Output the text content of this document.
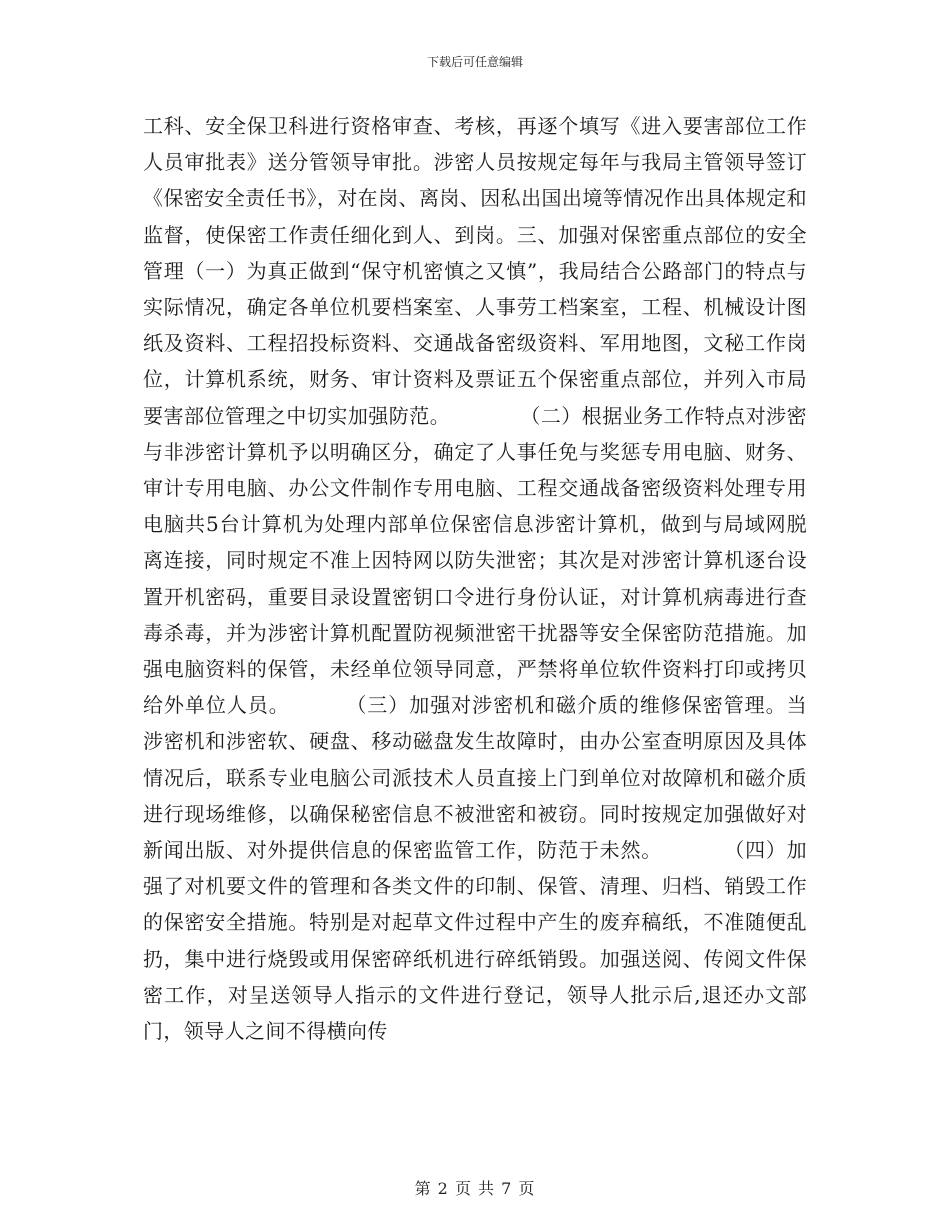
下载后可任意编辑

工科、安全保卫科进行资格审查、考核，再逐个填写《进入要害部位工作人员审批表》送分管领导审批。涉密人员按规定每年与我局主管领导签订《保密安全责任书》，对在岗、离岗、因私出国出境等情况作出具体规定和监督，使保密工作责任细化到人、到岗。三、加强对保密重点部位的安全管理（一）为真正做到“保守机密慎之又慎”，我局结合公路部门的特点与实际情况，确定各单位机要档案室、人事劳工档案室，工程、机械设计图纸及资料、工程招投标资料、交通战备密级资料、军用地图，文秘工作岗位，计算机系统，财务、审计资料及票证五个保密重点部位，并列入市局要害部位管理之中切实加强防范。	（二）根据业务工作特点对涉密与非涉密计算机予以明确区分，确定了人事任免与奖惩专用电脑、财务、审计专用电脑、办公文件制作专用电脑、工程交通战备密级资料处理专用电脑共5台计算机为处理内部单位保密信息涉密计算机，做到与局域网脱离连接，同时规定不准上因特网以防失泄密；其次是对涉密计算机逐台设置开机密码，重要目录设置密钥口令进行身份认证，对计算机病毒进行查毒杀毒，并为涉密计算机配置防视频泄密干扰器等安全保密防范措施。加强电脑资料的保管，未经单位领导同意，严禁将单位软件资料打印或拷贝给外单位人员。	（三）加强对涉密机和磁介质的维修保密管理。当涉密机和涉密软、硬盘、移动磁盘发生故障时，由办公室查明原因及具体情况后，联系专业电脑公司派技术人员直接上门到单位对故障机和磁介质进行现场维修，以确保秘密信息不被泄密和被窃。同时按规定加强做好对新闻出版、对外提供信息的保密监管工作，防范于未然。	（四）加强了对机要文件的管理和各类文件的印制、保管、清理、归档、销毁工作的保密安全措施。特别是对起草文件过程中产生的废弃稿纸，不准随便乱扔，集中进行烧毁或用保密碎纸机进行碎纸销毁。加强送阅、传阅文件保密工作，对呈送领导人指示的文件进行登记，领导人批示后,退还办文部门，领导人之间不得横向传

第 2 页 共 7 页
